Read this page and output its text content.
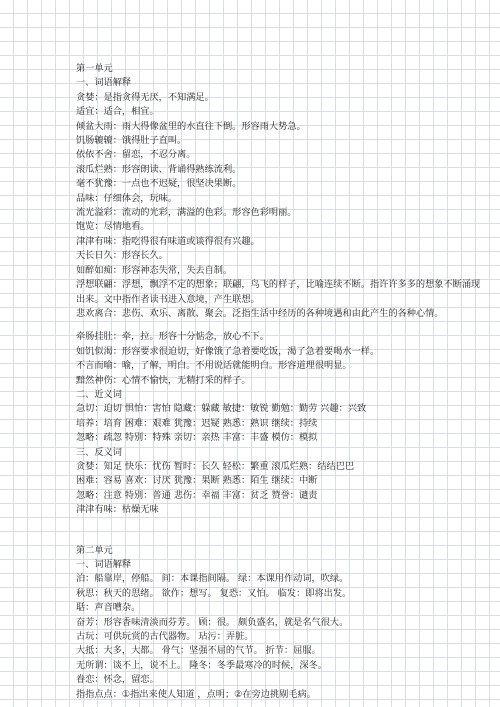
第一单元
一、词语解释
贪婪：是指贪得无厌，不知满足。
适宜：适合，相宜。
倾盆大雨：雨大得像盆里的水直往下倒。形容雨大势急。
饥肠辘辘：饿得肚子直叫。
依依不舍：留恋，不忍分离。
滚瓜烂熟：形容朗读、背诵得熟练流利。
毫不犹豫：一点也不迟疑，很坚决果断。
品味：仔细体会，玩味。
流光溢彩：流动的光彩，满溢的色彩。形容色彩明丽。
饱览：尽情地看。
津津有味：指吃得很有味道或谈得很有兴趣。
天长日久：形容长久。
如醉如痴：形容神态失常，失去自制。
浮想联翩：浮想，飘浮不定的想象；联翩，鸟飞的样子，比喻连续不断。指许许多多的想象不断涌现出来。文中指作者读书进入意境，产生联想。
悲欢离合：悲伤、欢乐、离散、聚会。泛指生活中经历的各种境遇和由此产生的各种心情。
牵肠挂肚：牵，拉。形容十分惦念，放心不下。
如饥似渴：形容要求很迫切，好像饿了急着要吃饭，渴了急着要喝水一样。
不言而喻：喻，了解，明白。不用说话就能明白。形容道理很明显。
黯然神伤：心情不愉快，无精打采的样子。
二、近义词
急切：迫切 惧怕：害怕 隐藏：躲藏 敏捷：敏锐 勤勉：勤劳 兴趣：兴致
培养：培育 困难：艰难 犹豫：迟疑 熟悉：熟识 继续：持续
忽略：疏忽 特别：特殊 亲切：亲热 丰富：丰盛 模仿：模拟
三、反义词
贪婪：知足 快乐：忧伤 暂时：长久 轻松：繁重 滚瓜烂熟：结结巴巴
困难：容易 喜欢：讨厌 犹豫：果断 熟悉：陌生 继续：中断
忽略：注意 特别：普通 悲伤：幸福 丰富：贫乏 赞誉：谴责
津津有味：枯燥无味
第二单元
一、词语解释
泊：船靠岸，停船。 间：本课指间隔。 绿：本课用作动词，吹绿。
秋思：秋天的思绪。 欲作：想写。 复恐：又怕。 临发：即将出发。
聒：声音嘈杂。
奋芳：形容香味清淡而芬芳。 顾：很。 颇负盛名，就是名气很大。
古玩：可供玩赏的古代器物。 玷污：弄脏。
大抵：大多，大都。 骨气：坚强不屈的气节。 折节：屈服。
无所谓：谈不上，说不上。 隆冬：冬季最寒冷的时候，深冬。
眷恋：怀念，留恋。
指指点点：①指出来使人知道 ，点明；②在旁边挑剔毛病。
